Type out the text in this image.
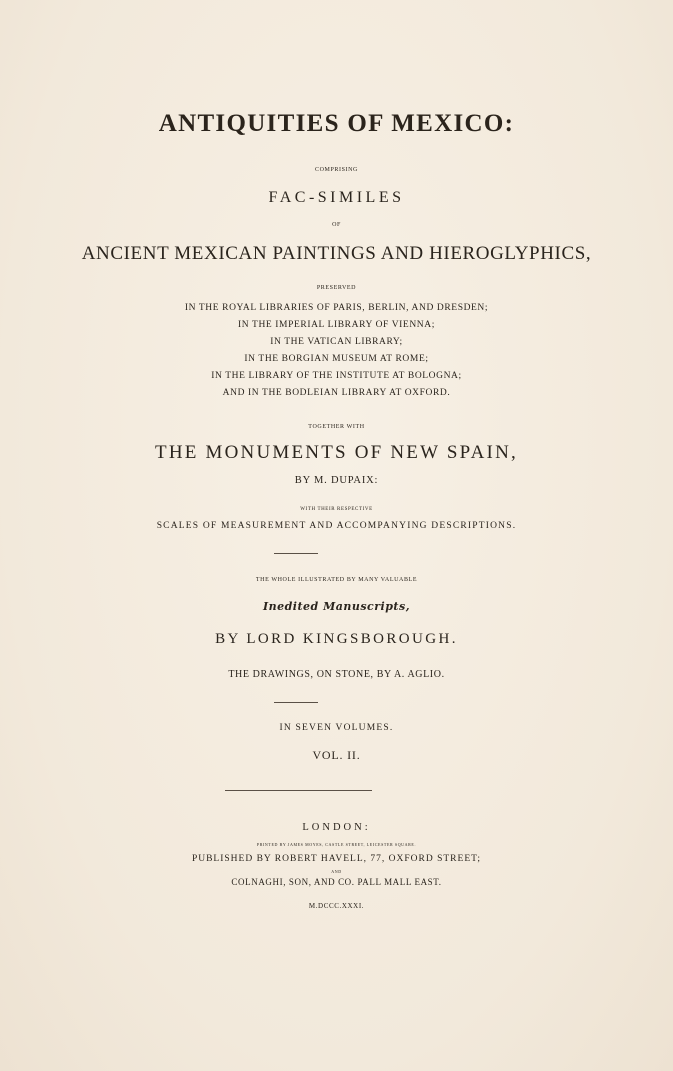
ANTIQUITIES OF MEXICO:
COMPRISING
FAC-SIMILES
OF
ANCIENT MEXICAN PAINTINGS AND HIEROGLYPHICS,
PRESERVED
IN THE ROYAL LIBRARIES OF PARIS, BERLIN, AND DRESDEN;
IN THE IMPERIAL LIBRARY OF VIENNA;
IN THE VATICAN LIBRARY;
IN THE BORGIAN MUSEUM AT ROME;
IN THE LIBRARY OF THE INSTITUTE AT BOLOGNA;
AND IN THE BODLEIAN LIBRARY AT OXFORD.
TOGETHER WITH
THE MONUMENTS OF NEW SPAIN,
BY M. DUPAIX:
WITH THEIR RESPECTIVE
SCALES OF MEASUREMENT AND ACCOMPANYING DESCRIPTIONS.
THE WHOLE ILLUSTRATED BY MANY VALUABLE
Inedited Manuscripts,
BY LORD KINGSBOROUGH.
THE DRAWINGS, ON STONE, BY A. AGLIO.
IN SEVEN VOLUMES.
VOL. II.
LONDON:
PRINTED BY JAMES MOYES, CASTLE STREET, LEICESTER SQUARE.
PUBLISHED BY ROBERT HAVELL, 77, OXFORD STREET;
AND
COLNAGHI, SON, AND CO. PALL MALL EAST.
M.DCCC.XXXI.
